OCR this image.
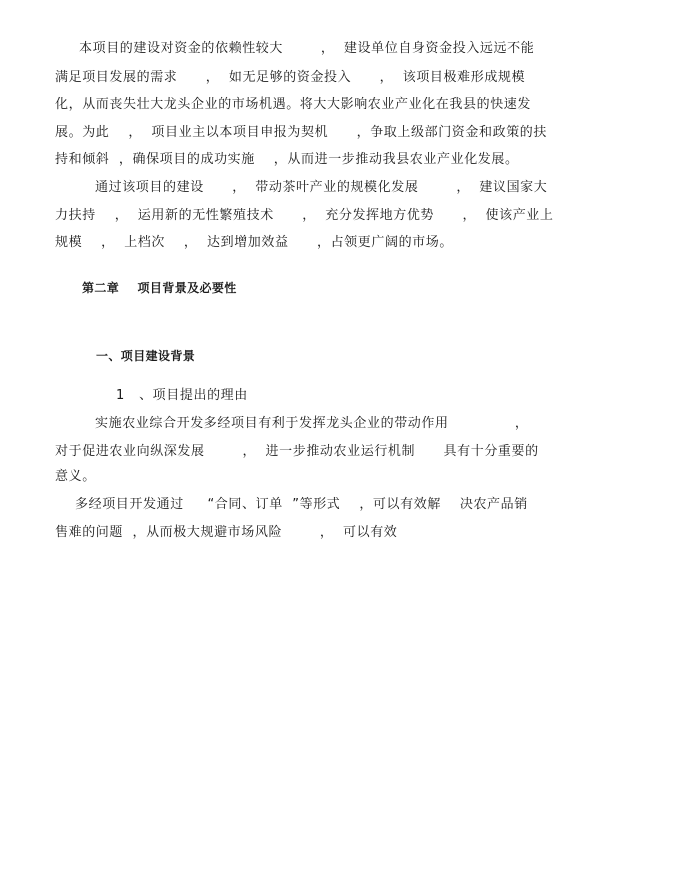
本项目的建设对资金的依赖性较大        ，  建设单位自身资金投入远远不能
满足项目发展的需求      ，  如无足够的资金投入      ，  该项目极难形成规模
化，从而丧失壮大龙头企业的市场机遇。将大大影响农业产业化在我县的快速发
展。为此    ，  项目业主以本项目申报为契机      ，争取上级部门资金和政策的扶
持和倾斜  ，确保项目的成功实施    ，从而进一步推动我县农业产业化发展。
通过该项目的建设      ，  带动茶叶产业的规模化发展        ，  建议国家大
力扶持    ，  运用新的无性繁殖技术      ，  充分发挥地方优势      ，  使该产业上
规模    ，  上档次    ，  达到增加效益      ，占领更广阔的市场。
第二章    项目背景及必要性
一、项目建设背景
1   、项目提出的理由
实施农业综合开发多经项目有利于发挥龙头企业的带动作用              ，
对于促进农业向纵深发展        ，  进一步推动农业运行机制      具有十分重要的
意义。
多经项目开发通过     “合同、订单  ”等形式    ，可以有效解    决农产品销
售难的问题  ，从而极大规避市场风险        ，  可以有效
